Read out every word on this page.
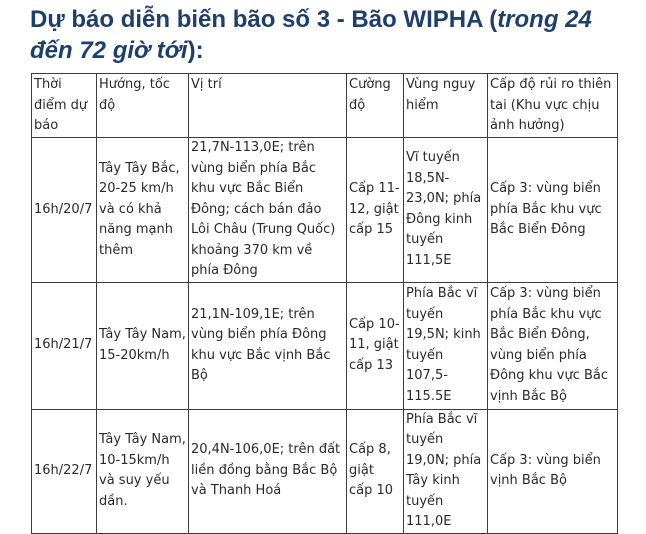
Dự báo diễn biến bão số 3 - Bão WIPHA (trong 24 đến 72 giờ tới):
Thời điểm dự báo	Hướng, tốc độ	Vị trí	Cường độ	Vùng nguy hiểm	Cấp độ rủi ro thiên tai (Khu vực chịu ảnh hưởng)
16h/20/7	Tây Tây Bắc, 20-25 km/h và có khả năng mạnh thêm	21,7N-113,0E; trên vùng biển phía Bắc khu vực Bắc Biển Đông; cách bán đảo Lôi Châu (Trung Quốc) khoảng 370 km về phía Đông	Cấp 11-12, giật cấp 15	Vĩ tuyến 18,5N-23,0N; phía Đông kinh tuyến 111,5E	Cấp 3: vùng biển phía Bắc khu vực Bắc Biển Đông
16h/21/7	Tây Tây Nam, 15-20km/h	21,1N-109,1E; trên vùng biển phía Đông khu vực Bắc vịnh Bắc Bộ	Cấp 10-11, giật cấp 13	Phía Bắc vĩ tuyến 19,5N; kinh tuyến 107,5-115.5E	Cấp 3: vùng biển phía Bắc khu vực Bắc Biển Đông, vùng biển phía Đông khu vực Bắc vịnh Bắc Bộ
16h/22/7	Tây Tây Nam, 10-15km/h và suy yếu dần.	20,4N-106,0E; trên đất liền đồng bằng Bắc Bộ và Thanh Hoá	Cấp 8, giật cấp 10	Phía Bắc vĩ tuyến 19,0N; phía Tây kinh tuyến 111,0E	Cấp 3: vùng biển vịnh Bắc Bộ
